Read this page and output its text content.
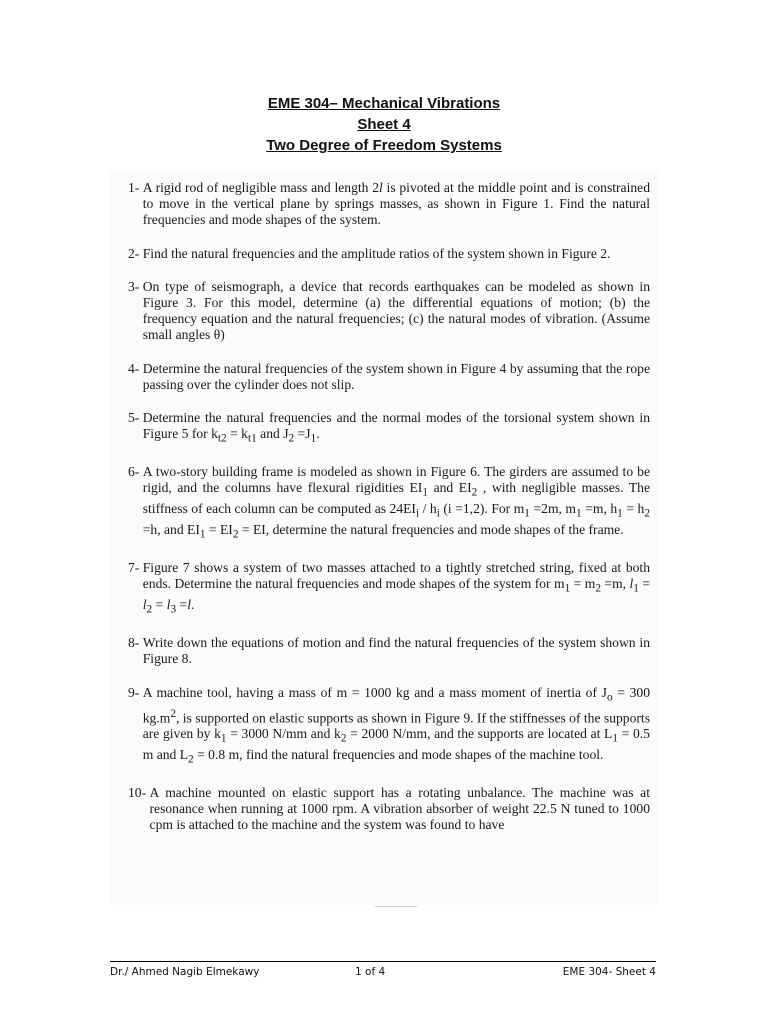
EME 304– Mechanical Vibrations
Sheet 4
Two Degree of Freedom Systems
1- A rigid rod of negligible mass and length 2l is pivoted at the middle point and is constrained to move in the vertical plane by springs masses, as shown in Figure 1. Find the natural frequencies and mode shapes of the system.
2- Find the natural frequencies and the amplitude ratios of the system shown in Figure 2.
3- On type of seismograph, a device that records earthquakes can be modeled as shown in Figure 3. For this model, determine (a) the differential equations of motion; (b) the frequency equation and the natural frequencies; (c) the natural modes of vibration. (Assume small angles θ)
4- Determine the natural frequencies of the system shown in Figure 4 by assuming that the rope passing over the cylinder does not slip.
5- Determine the natural frequencies and the normal modes of the torsional system shown in Figure 5 for $k_{t2} = k_{t1}$ and $J_2 =J_1$.
6- A two-story building frame is modeled as shown in Figure 6. The girders are assumed to be rigid, and the columns have flexural rigidities $EI_1$ and $EI_2$ , with negligible masses. The stiffness of each column can be computed as $24EI_i / h_i$ (i =1,2). For $m_1 =2m$, $m_1 =m$, $h_1 = h_2 =h$, and $EI_1 = EI_2$ = EI, determine the natural frequencies and mode shapes of the frame.
7- Figure 7 shows a system of two masses attached to a tightly stretched string, fixed at both ends. Determine the natural frequencies and mode shapes of the system for $m_1 = m_2 =m$, $l_1 = l_2 = l_3 =l$.
8- Write down the equations of motion and find the natural frequencies of the system shown in Figure 8.
9- A machine tool, having a mass of m = 1000 kg and a mass moment of inertia of $J_o = 300$ $kg.m^2$, is supported on elastic supports as shown in Figure 9. If the stiffnesses of the supports are given by $k_1 = 3000$ N/mm and $k_2 = 2000$ N/mm, and the supports are located at $L_1 = 0.5$ m and $L_2 = 0.8$ m, find the natural frequencies and mode shapes of the machine tool.
10- A machine mounted on elastic support has a rotating unbalance. The machine was at resonance when running at 1000 rpm. A vibration absorber of weight 22.5 N tuned to 1000 cpm is attached to the machine and the system was found to have
Dr./ Ahmed Nagib Elmekawy	1 of 4	EME 304- Sheet 4
